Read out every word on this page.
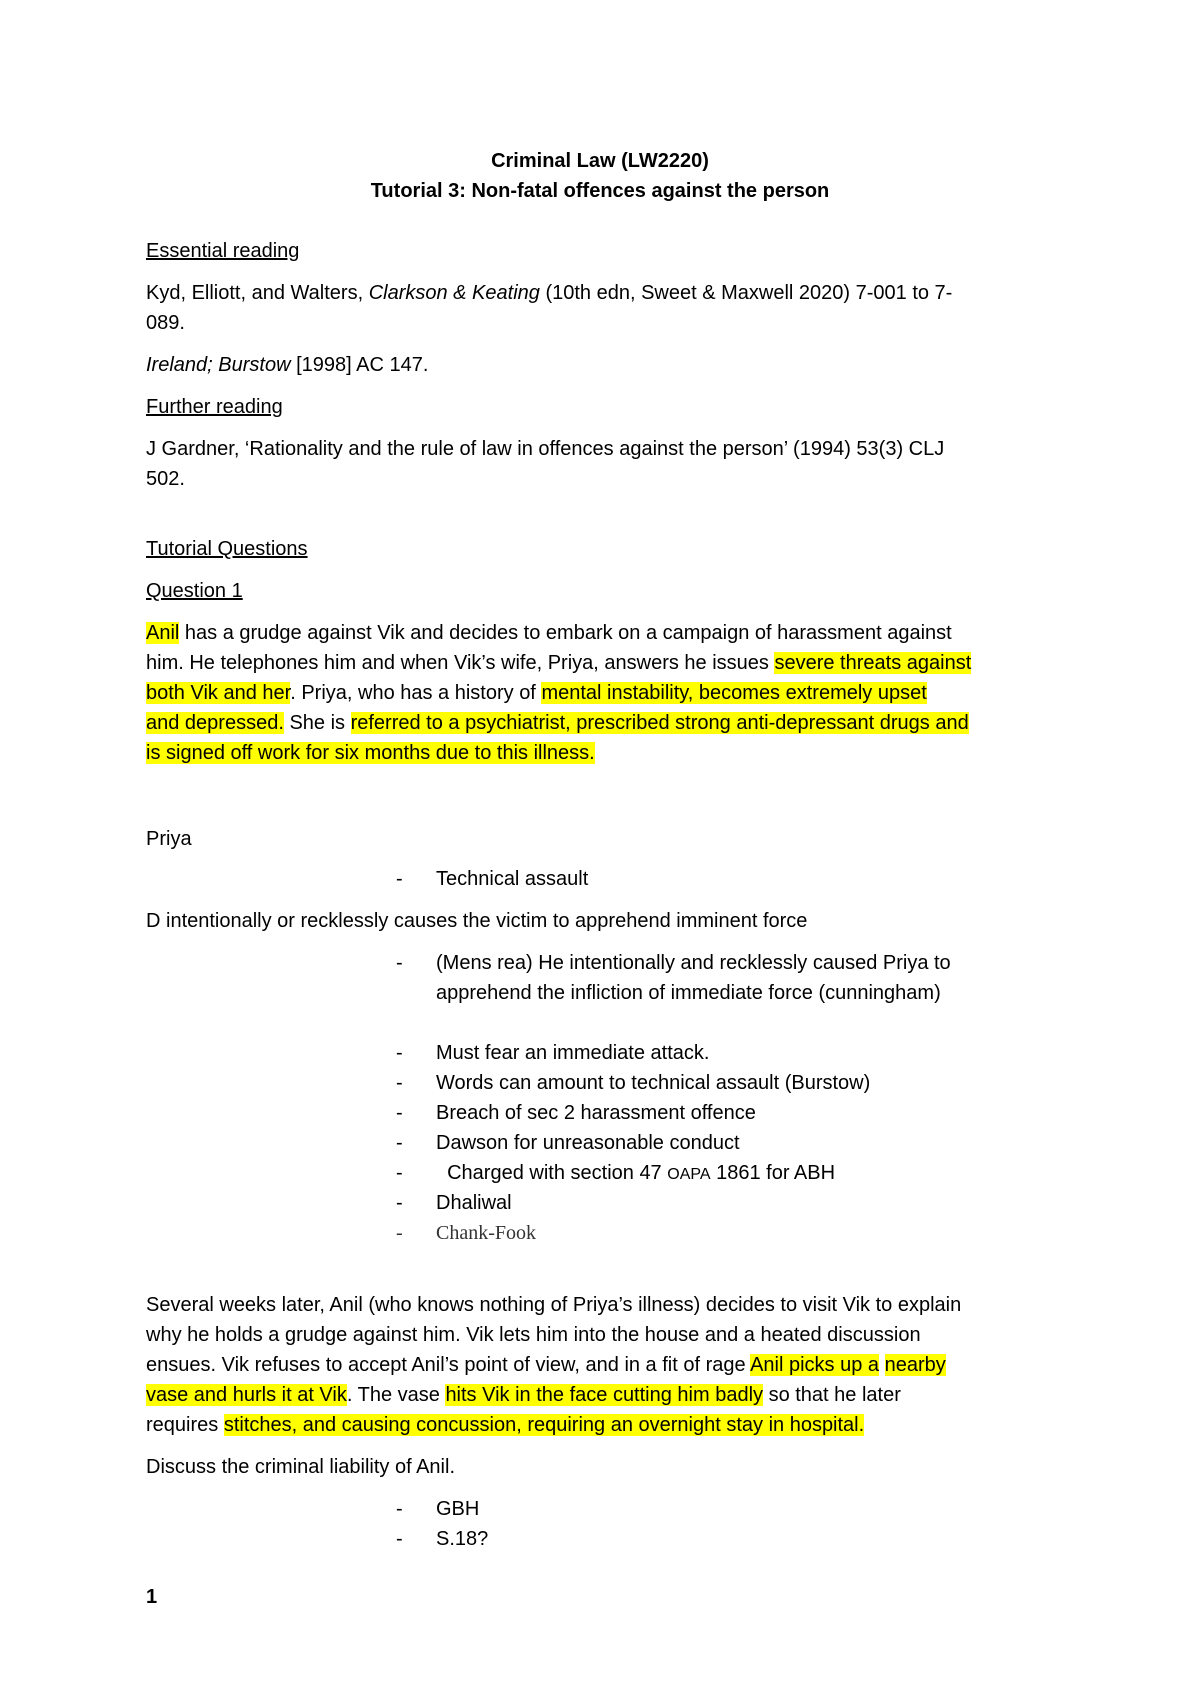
Criminal Law (LW2220)
Tutorial 3: Non-fatal offences against the person
Essential reading
Kyd, Elliott, and Walters, Clarkson & Keating (10th edn, Sweet & Maxwell 2020) 7-001 to 7-
089.
Ireland; Burstow [1998] AC 147.
Further reading
J Gardner, ‘Rationality and the rule of law in offences against the person’ (1994) 53(3) CLJ
502.
Tutorial Questions
Question 1
Anil has a grudge against Vik and decides to embark on a campaign of harassment against
him. He telephones him and when Vik’s wife, Priya, answers he issues severe threats against
both Vik and her. Priya, who has a history of mental instability, becomes extremely upset
and depressed. She is referred to a psychiatrist, prescribed strong anti-depressant drugs and
is signed off work for six months due to this illness.
Priya
- Technical assault
D intentionally or recklessly causes the victim to apprehend imminent force
- (Mens rea) He intentionally and recklessly caused Priya to
apprehend the infliction of immediate force (cunningham)
- Must fear an immediate attack.
- Words can amount to technical assault (Burstow)
- Breach of sec 2 harassment offence
- Dawson for unreasonable conduct
- Charged with section 47 OAPA 1861 for ABH
- Dhaliwal
- Chank-Fook
Several weeks later, Anil (who knows nothing of Priya’s illness) decides to visit Vik to explain
why he holds a grudge against him. Vik lets him into the house and a heated discussion
ensues. Vik refuses to accept Anil’s point of view, and in a fit of rage Anil picks up a nearby
vase and hurls it at Vik. The vase hits Vik in the face cutting him badly so that he later
requires stitches, and causing concussion, requiring an overnight stay in hospital.
Discuss the criminal liability of Anil.
- GBH
- S.18?
1
